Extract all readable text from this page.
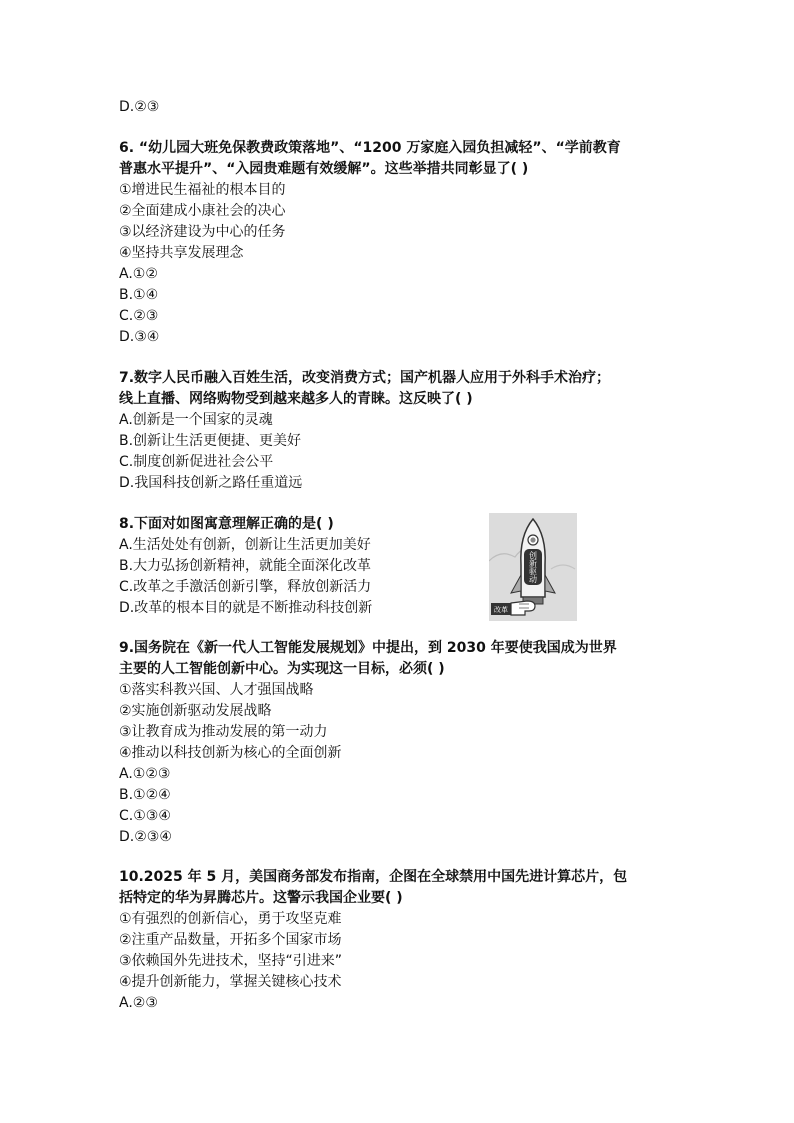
D.②③
6. “幼儿园大班免保教费政策落地”、“1200 万家庭入园负担减轻”、“学前教育
普惠水平提升”、“入园贵难题有效缓解”。这些举措共同彰显了( )
①增进民生福祉的根本目的
②全面建成小康社会的决心
③以经济建设为中心的任务
④坚持共享发展理念
A.①②
B.①④
C.②③
D.③④
7.数字人民币融入百姓生活，改变消费方式；国产机器人应用于外科手术治疗；
线上直播、网络购物受到越来越多人的青睐。这反映了( )
A.创新是一个国家的灵魂
B.创新让生活更便捷、更美好
C.制度创新促进社会公平
D.我国科技创新之路任重道远
8.下面对如图寓意理解正确的是( )
A.生活处处有创新，创新让生活更加美好
B.大力弘扬创新精神，就能全面深化改革
C.改革之手激活创新引擎，释放创新活力
D.改革的根本目的就是不断推动科技创新
创
新
驱
动
改革
9.国务院在《新一代人工智能发展规划》中提出，到 2030 年要使我国成为世界
主要的人工智能创新中心。为实现这一目标，必须( )
①落实科教兴国、人才强国战略
②实施创新驱动发展战略
③让教育成为推动发展的第一动力
④推动以科技创新为核心的全面创新
A.①②③
B.①②④
C.①③④
D.②③④
10.2025 年 5 月，美国商务部发布指南，企图在全球禁用中国先进计算芯片，包
括特定的华为昇腾芯片。这警示我国企业要( )
①有强烈的创新信心，勇于攻坚克难
②注重产品数量，开拓多个国家市场
③依赖国外先进技术，坚持“引进来”
④提升创新能力，掌握关键核心技术
A.②③
